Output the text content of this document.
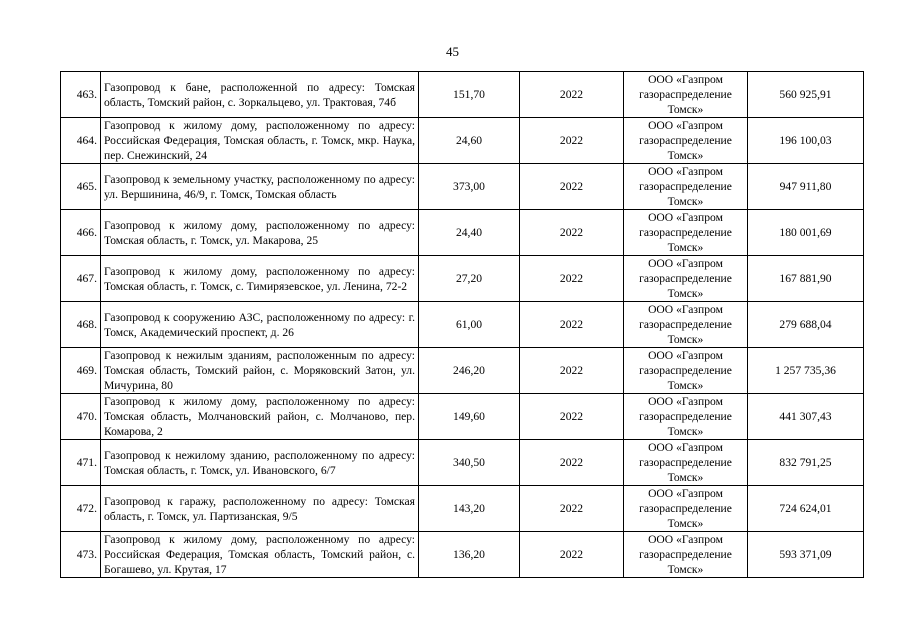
45
463.	Газопровод к бане, расположенной по адресу: Томская область, Томский район, с. Зоркальцево, ул. Трактовая, 74б	151,70	2022	ООО «Газпром газораспределение Томск»	560 925,91
464.	Газопровод к жилому дому, расположенному по адресу: Российская Федерация, Томская область, г. Томск, мкр. Наука, пер. Снежинский, 24	24,60	2022	ООО «Газпром газораспределение Томск»	196 100,03
465.	Газопровод к земельному участку, расположенному по адресу: ул. Вершинина, 46/9, г. Томск, Томская область	373,00	2022	ООО «Газпром газораспределение Томск»	947 911,80
466.	Газопровод к жилому дому, расположенному по адресу: Томская область, г. Томск, ул. Макарова, 25	24,40	2022	ООО «Газпром газораспределение Томск»	180 001,69
467.	Газопровод к жилому дому, расположенному по адресу: Томская область, г. Томск, с. Тимирязевское, ул. Ленина, 72-2	27,20	2022	ООО «Газпром газораспределение Томск»	167 881,90
468.	Газопровод к сооружению АЗС, расположенному по адресу: г. Томск, Академический проспект, д. 26	61,00	2022	ООО «Газпром газораспределение Томск»	279 688,04
469.	Газопровод к нежилым зданиям, расположенным по адресу: Томская область, Томский район, с. Моряковский Затон, ул. Мичурина, 80	246,20	2022	ООО «Газпром газораспределение Томск»	1 257 735,36
470.	Газопровод к жилому дому, расположенному по адресу: Томская область, Молчановский район, с. Молчаново, пер. Комарова, 2	149,60	2022	ООО «Газпром газораспределение Томск»	441 307,43
471.	Газопровод к нежилому зданию, расположенному по адресу: Томская область, г. Томск, ул. Ивановского, 6/7	340,50	2022	ООО «Газпром газораспределение Томск»	832 791,25
472.	Газопровод к гаражу, расположенному по адресу: Томская область, г. Томск, ул. Партизанская, 9/5	143,20	2022	ООО «Газпром газораспределение Томск»	724 624,01
473.	Газопровод к жилому дому, расположенному по адресу: Российская Федерация, Томская область, Томский район, с. Богашево, ул. Крутая, 17	136,20	2022	ООО «Газпром газораспределение Томск»	593 371,09
